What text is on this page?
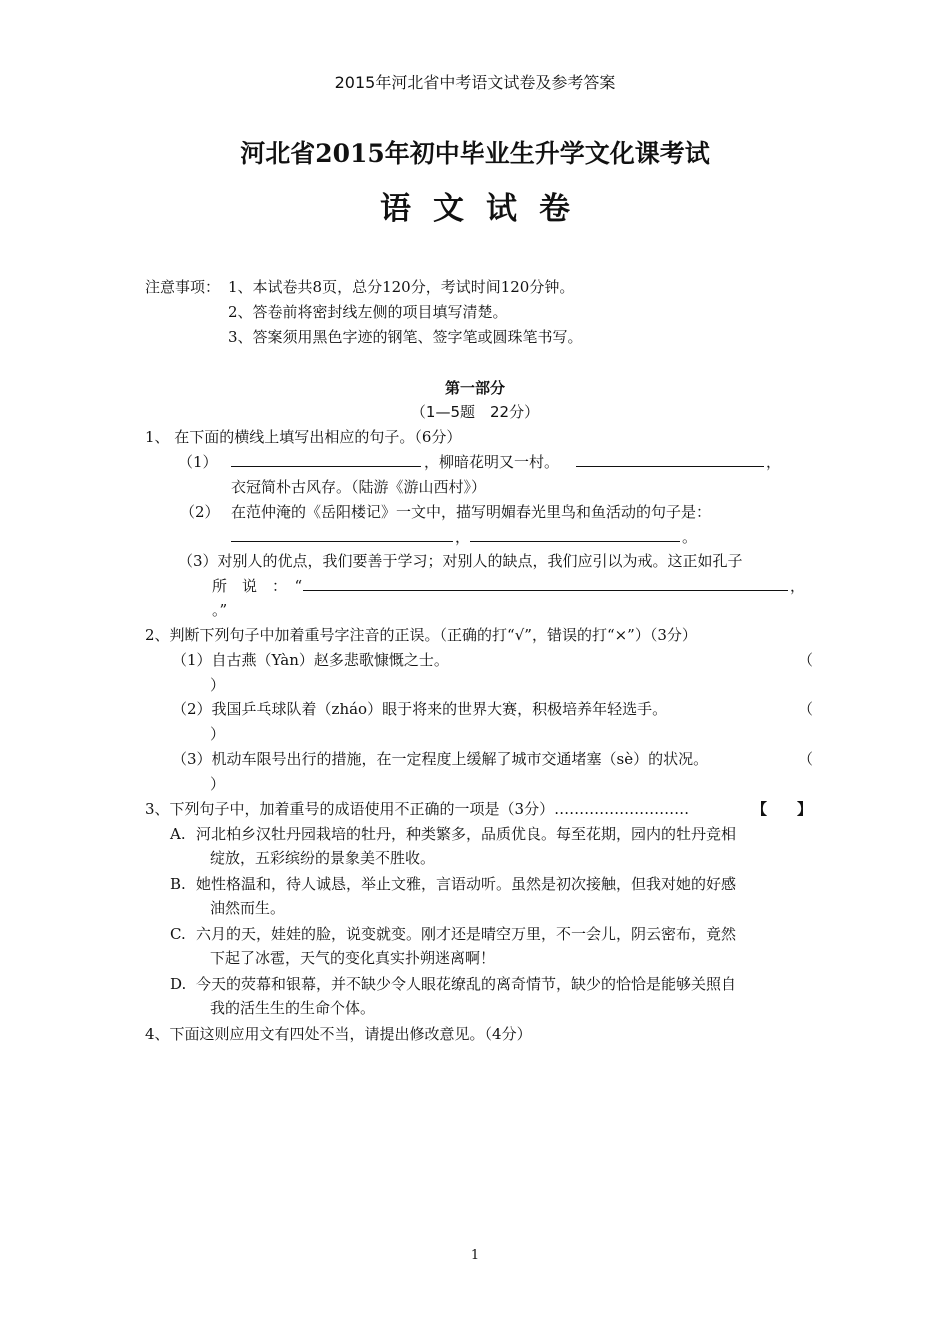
2015年河北省中考语文试卷及参考答案
河北省2015年初中毕业生升学文化课考试
语文试卷
注意事项： 1、本试卷共8页，总分120分，考试时间120分钟。
2、答卷前将密封线左侧的项目填写清楚。
3、答案须用黑色字迹的钢笔、签字笔或圆珠笔书写。
第一部分
（1—5题　22分）
1、 在下面的横线上填写出相应的句子。（6分）
（1）	，柳暗花明又一村。	，
衣冠简朴古风存。（陆游《游山西村》）
（2） 在范仲淹的《岳阳楼记》一文中，描写明媚春光里鸟和鱼活动的句子是：
，	。
（3）对别人的优点，我们要善于学习；对别人的缺点，我们应引以为戒。这正如孔子
所　说　：　“	，
。”
2、判断下列句子中加着重号字注音的正误。（正确的打“√”，错误的打“×”）（3分）
（1）自古燕（Yàn）赵多悲歌慷慨之士。	（
）
（2）我国乒乓球队着（zháo）眼于将来的世界大赛，积极培养年轻选手。	（
）
（3）机动车限号出行的措施，在一定程度上缓解了城市交通堵塞（sè）的状况。	（
）
3、下列句子中，加着重号的成语使用不正确的一项是（3分）………………………	【　　】
A. 河北柏乡汉牡丹园栽培的牡丹，种类繁多，品质优良。每至花期，园内的牡丹竞相
绽放，五彩缤纷的景象美不胜收。
B. 她性格温和，待人诚恳，举止文雅，言语动听。虽然是初次接触，但我对她的好感
油然而生。
C. 六月的天，娃娃的脸，说变就变。刚才还是晴空万里，不一会儿，阴云密布，竟然
下起了冰雹，天气的变化真实扑朔迷离啊！
D. 今天的荧幕和银幕，并不缺少令人眼花缭乱的离奇情节，缺少的恰恰是能够关照自
我的活生生的生命个体。
4、下面这则应用文有四处不当，请提出修改意见。（4分）
1
